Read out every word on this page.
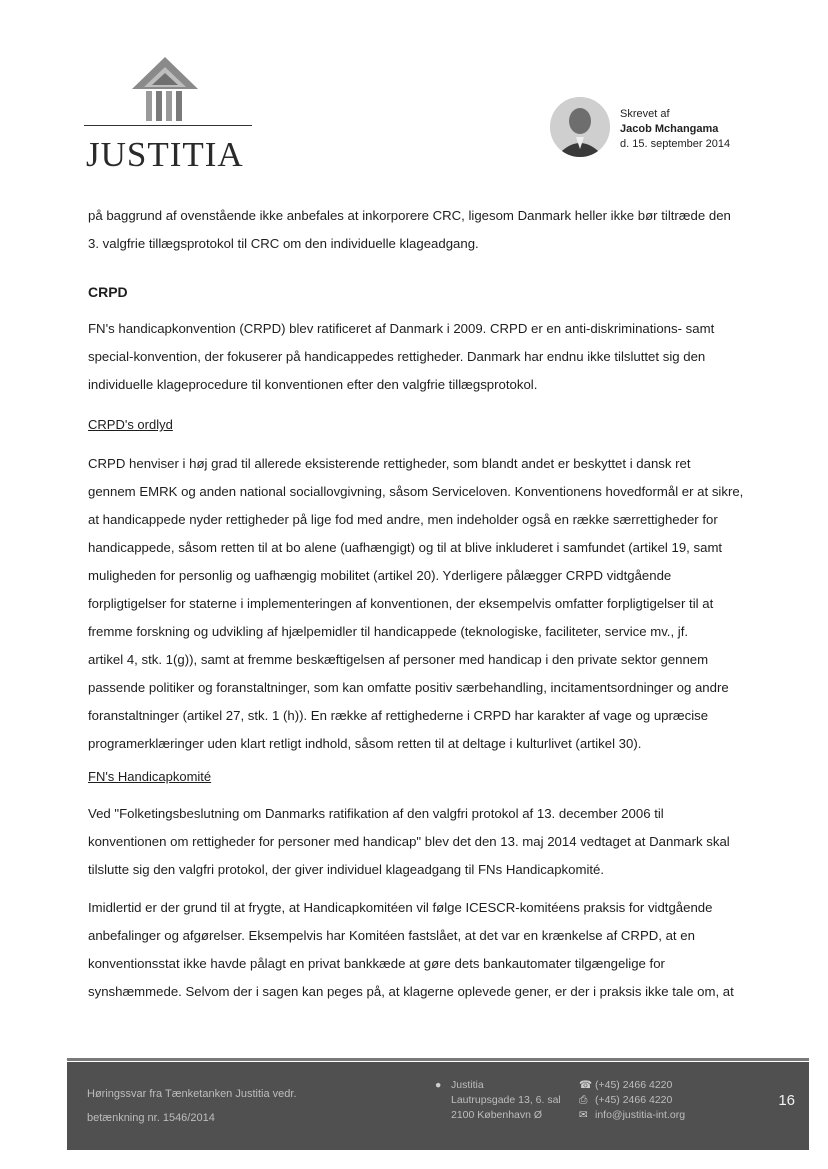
JUSTITIA
Skrevet af
Jacob Mchangama
d. 15. september 2014

på baggrund af ovenstående ikke anbefales at inkorporere CRC, ligesom Danmark heller ikke bør tiltræde den

3. valgfrie tillægsprotokol til CRC om den individuelle klageadgang.

CRPD

FN's handicapkonvention (CRPD) blev ratificeret af Danmark i 2009. CRPD er en anti-diskriminations- samt

special-konvention, der fokuserer på handicappedes rettigheder. Danmark har endnu ikke tilsluttet sig den

individuelle klageprocedure til konventionen efter den valgfrie tillægsprotokol.

CRPD's ordlyd

CRPD henviser i høj grad til allerede eksisterende rettigheder, som blandt andet er beskyttet i dansk ret

gennem EMRK og anden national sociallovgivning, såsom Serviceloven. Konventionens hovedformål er at sikre,

at handicappede nyder rettigheder på lige fod med andre, men indeholder også en række særrettigheder for

handicappede, såsom retten til at bo alene (uafhængigt) og til at blive inkluderet i samfundet (artikel 19, samt

muligheden for personlig og uafhængig mobilitet (artikel 20). Yderligere pålægger CRPD vidtgående

forpligtigelser for staterne i implementeringen af konventionen, der eksempelvis omfatter forpligtigelser til at

fremme forskning og udvikling af hjælpemidler til handicappede (teknologiske, faciliteter, service mv., jf.

artikel 4, stk. 1(g)), samt at fremme beskæftigelsen af personer med handicap i den private sektor gennem

passende politiker og foranstaltninger, som kan omfatte positiv særbehandling, incitamentsordninger og andre

foranstaltninger (artikel 27, stk. 1 (h)). En række af rettighederne i CRPD har karakter af vage og upræcise

programerklæringer uden klart retligt indhold, såsom retten til at deltage i kulturlivet (artikel 30).

FN's Handicapkomité

Ved "Folketingsbeslutning om Danmarks ratifikation af den valgfri protokol af 13. december 2006 til

konventionen om rettigheder for personer med handicap" blev det den 13. maj 2014 vedtaget at Danmark skal

tilslutte sig den valgfri protokol, der giver individuel klageadgang til FNs Handicapkomité.

Imidlertid er der grund til at frygte, at Handicapkomitéen vil følge ICESCR-komitéens praksis for vidtgående

anbefalinger og afgørelser. Eksempelvis har Komitéen fastslået, at det var en krænkelse af CRPD, at en

konventionsstat ikke havde pålagt en privat bankkæde at gøre dets bankautomater tilgængelige for

synshæmmede. Selvom der i sagen kan peges på, at klagerne oplevede gener, er der i praksis ikke tale om, at

Høringssvar fra Tænketanken Justitia vedr.
betænkning nr. 1546/2014
● Justitia
Lautrupsgade 13, 6. sal
2100 København Ø
☎ (+45) 2466 4220
⎙ (+45) 2466 4220
✉ info@justitia-int.org
16
